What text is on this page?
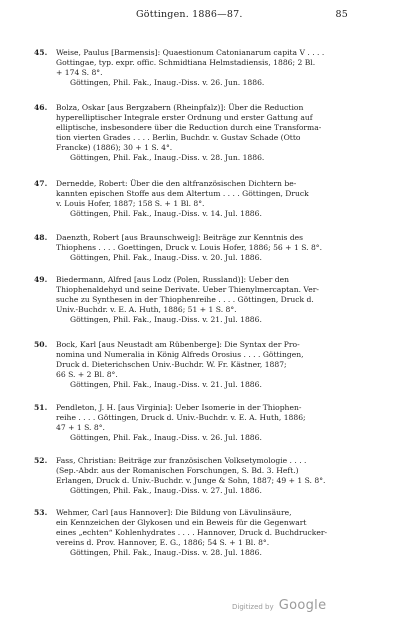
Göttingen. 1886—87.	85
45.	Weise, Paulus [Barmensis]: Quaestionum Catonianarum capita V . . . .
Gottingae, typ. expr. offic. Schmidtiana Helmstadiensis, 1886; 2 Bl.
+ 174 S. 8°.
Göttingen, Phil. Fak., Inaug.-Diss. v. 26. Jun. 1886.
46.	Bolza, Oskar [aus Bergzabern (Rheinpfalz)]: Über die Reduction
hyperelliptischer Integrale erster Ordnung und erster Gattung auf
elliptische, insbesondere über die Reduction durch eine Transforma-
tion vierten Grades . . . . Berlin, Buchdr. v. Gustav Schade (Otto
Francke) (1886); 30 + 1 S. 4°.
Göttingen, Phil. Fak., Inaug.-Diss. v. 28. Jun. 1886.
47.	Dernedde, Robert: Über die den altfranzösischen Dichtern be-
kannten epischen Stoffe aus dem Altertum . . . . Göttingen, Druck
v. Louis Hofer, 1887; 158 S. + 1 Bl. 8°.
Göttingen, Phil. Fak., Inaug.-Diss. v. 14. Jul. 1886.
48.	Daenzth, Robert [aus Braunschweig]: Beiträge zur Kenntnis des
Thiophens . . . . Goettingen, Druck v. Louis Hofer, 1886; 56 + 1 S. 8°.
Göttingen, Phil. Fak., Inaug.-Diss. v. 20. Jul. 1886.
49.	Biedermann, Alfred [aus Lodz (Polen, Russland)]: Ueber den
Thiophenaldehyd und seine Derivate. Ueber Thienylmercaptan. Ver-
suche zu Synthesen in der Thiophenreihe . . . . Göttingen, Druck d.
Univ.-Buchdr. v. E. A. Huth, 1886; 51 + 1 S. 8°.
Göttingen, Phil. Fak., Inaug.-Diss. v. 21. Jul. 1886.
50.	Bock, Karl [aus Neustadt am Rübenberge]: Die Syntax der Pro-
nomina und Numeralia in König Alfreds Orosius . . . . Göttingen,
Druck d. Dieterichschen Univ.-Buchdr. W. Fr. Kästner, 1887;
66 S. + 2 Bl. 8°.
Göttingen, Phil. Fak., Inaug.-Diss. v. 21. Jul. 1886.
51.	Pendleton, J. H. [aus Virginia]: Ueber Isomerie in der Thiophen-
reihe . . . . Göttingen, Druck d. Univ.-Buchdr. v. E. A. Huth, 1886;
47 + 1 S. 8°.
Göttingen, Phil. Fak., Inaug.-Diss. v. 26. Jul. 1886.
52.	Fass, Christian: Beiträge zur französischen Volksetymologie . . . .
(Sep.-Abdr. aus der Romanischen Forschungen, S. Bd. 3. Heft.)
Erlangen, Druck d. Univ.-Buchdr. v. Junge & Sohn, 1887; 49 + 1 S. 8°.
Göttingen, Phil. Fak., Inaug.-Diss. v. 27. Jul. 1886.
53.	Wehmer, Carl [aus Hannover]: Die Bildung von Lävulinsäure,
ein Kennzeichen der Glykosen und ein Beweis für die Gegenwart
eines „echten“ Kohlenhydrates . . . . Hannover, Druck d. Buchdrucker-
vereins d. Prov. Hannover, E. G., 1886; 54 S. + 1 Bl. 8°.
Göttingen, Phil. Fak., Inaug.-Diss. v. 28. Jul. 1886.
Digitized by Google
